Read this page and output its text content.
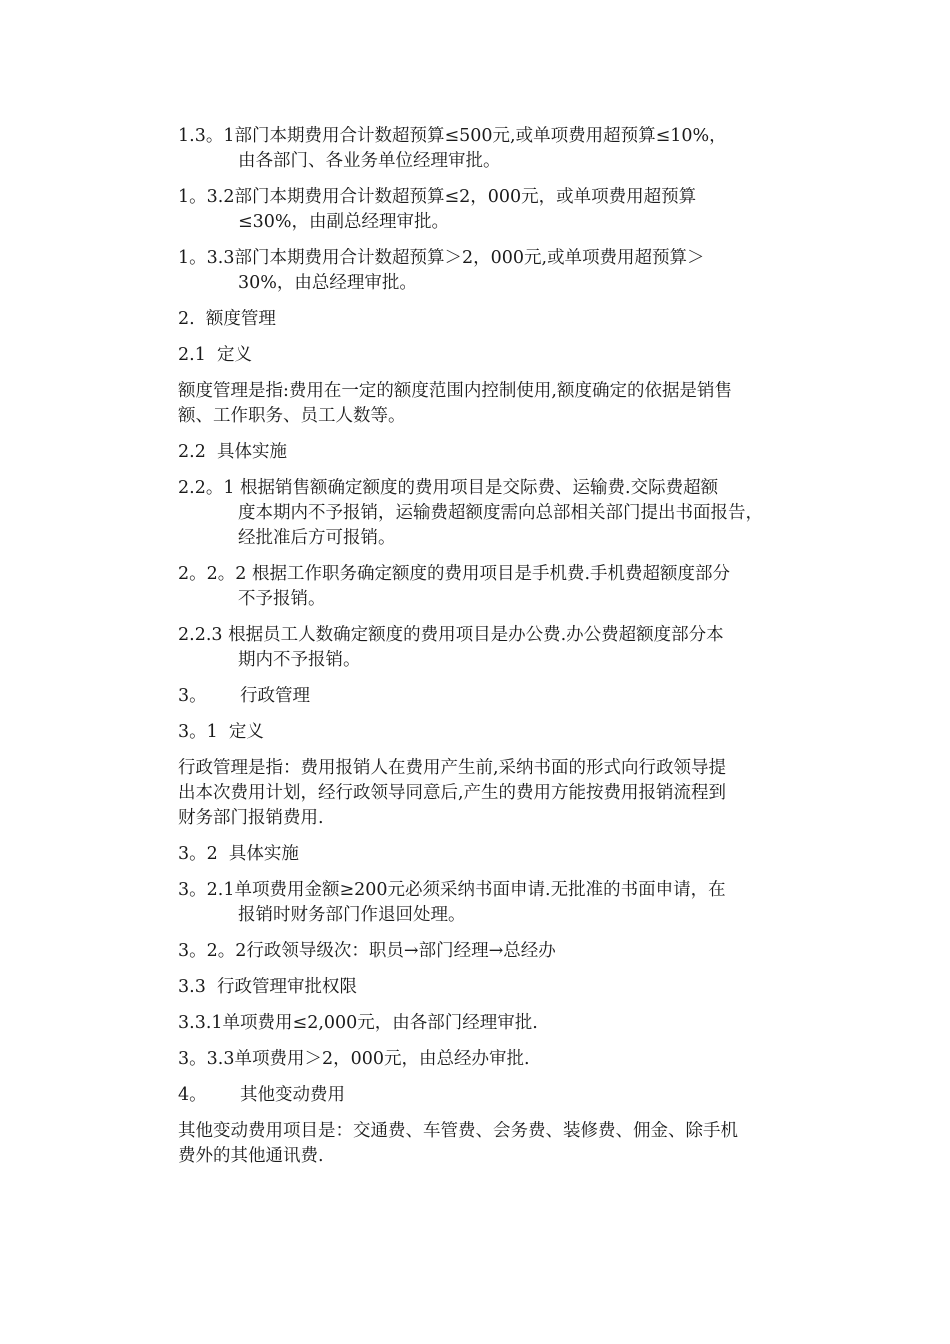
1.3。1部门本期费用合计数超预算≤500元,或单项费用超预算≤10%，
由各部门、各业务单位经理审批。

1。3.2部门本期费用合计数超预算≤2，000元，或单项费用超预算
≤30%，由副总经理审批。

1。3.3部门本期费用合计数超预算＞2，000元,或单项费用超预算＞
30%，由总经理审批。

2.  额度管理

2.1  定义

额度管理是指:费用在一定的额度范围内控制使用,额度确定的依据是销售
额、工作职务、员工人数等。

2.2  具体实施

2.2。1 根据销售额确定额度的费用项目是交际费、运输费.交际费超额
度本期内不予报销，运输费超额度需向总部相关部门提出书面报告，
经批准后方可报销。

2。2。2 根据工作职务确定额度的费用项目是手机费.手机费超额度部分
不予报销。

2.2.3 根据员工人数确定额度的费用项目是办公费.办公费超额度部分本
期内不予报销。

3。      行政管理

3。1  定义

行政管理是指：费用报销人在费用产生前,采纳书面的形式向行政领导提
出本次费用计划，经行政领导同意后,产生的费用方能按费用报销流程到
财务部门报销费用.

3。2  具体实施

3。2.1单项费用金额≥200元必须采纳书面申请.无批准的书面申请，在
报销时财务部门作退回处理。

3。2。2行政领导级次：职员→部门经理→总经办

3.3  行政管理审批权限

3.3.1单项费用≤2,000元，由各部门经理审批.

3。3.3单项费用＞2，000元，由总经办审批.

4。      其他变动费用

其他变动费用项目是：交通费、车管费、会务费、装修费、佣金、除手机
费外的其他通讯费.
